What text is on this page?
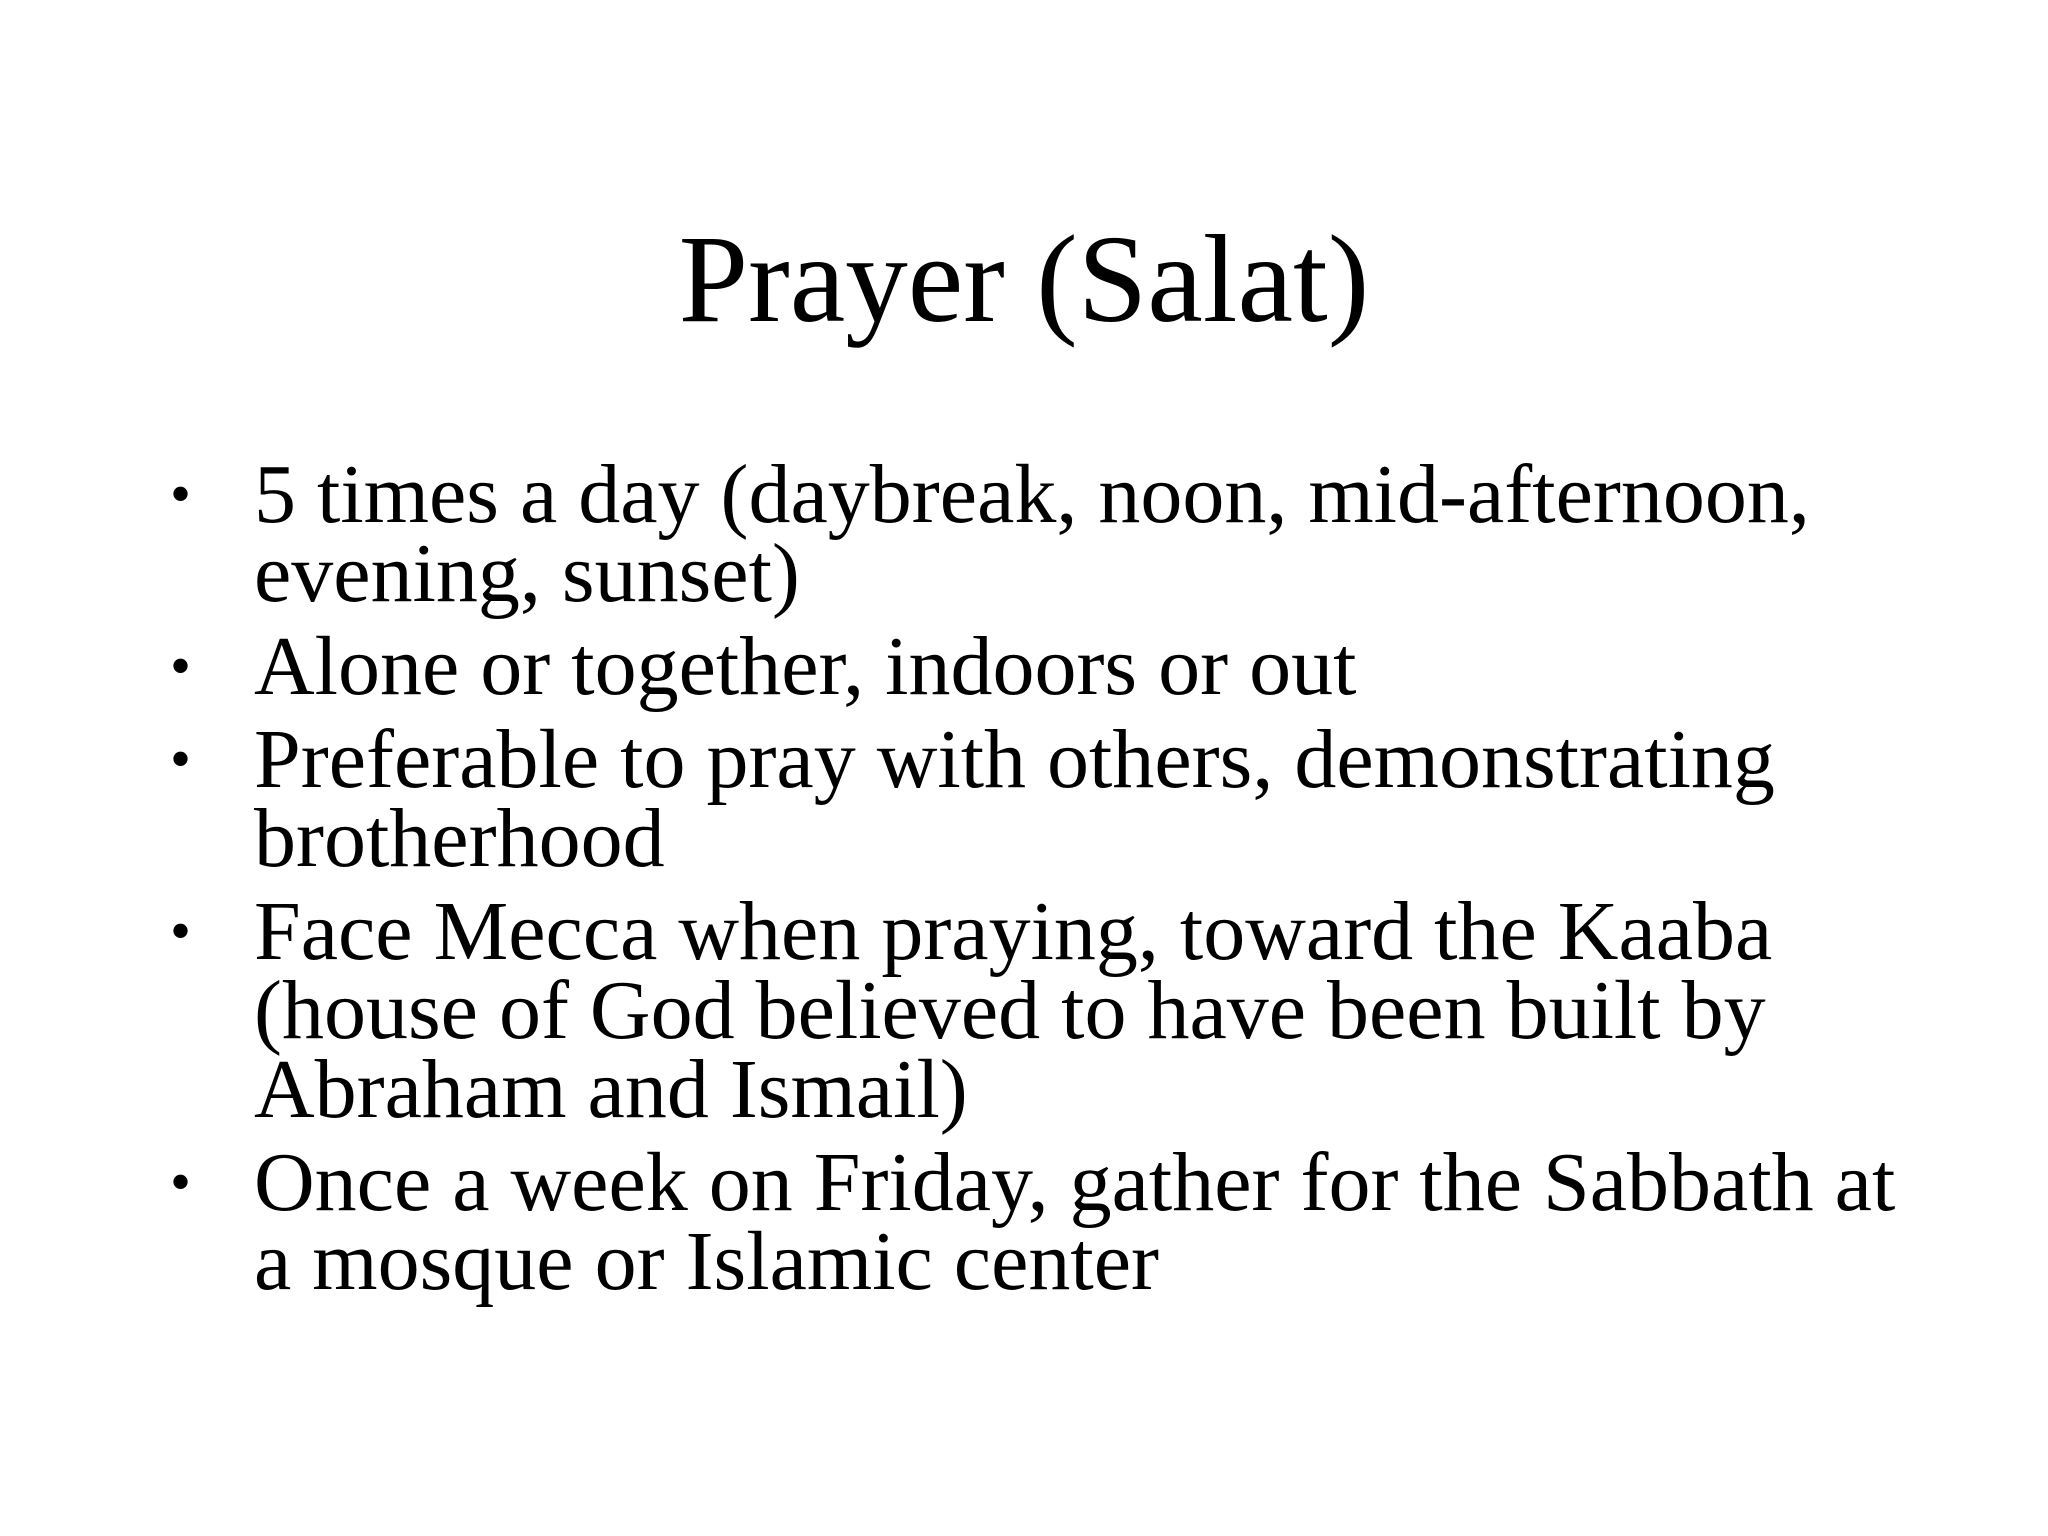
Prayer (Salat)
• 5 times a day (daybreak, noon, mid-afternoon, evening, sunset)
• Alone or together, indoors or out
• Preferable to pray with others, demonstrating brotherhood
• Face Mecca when praying, toward the Kaaba (house of God believed to have been built by Abraham and Ismail)
• Once a week on Friday, gather for the Sabbath at a mosque or Islamic center
